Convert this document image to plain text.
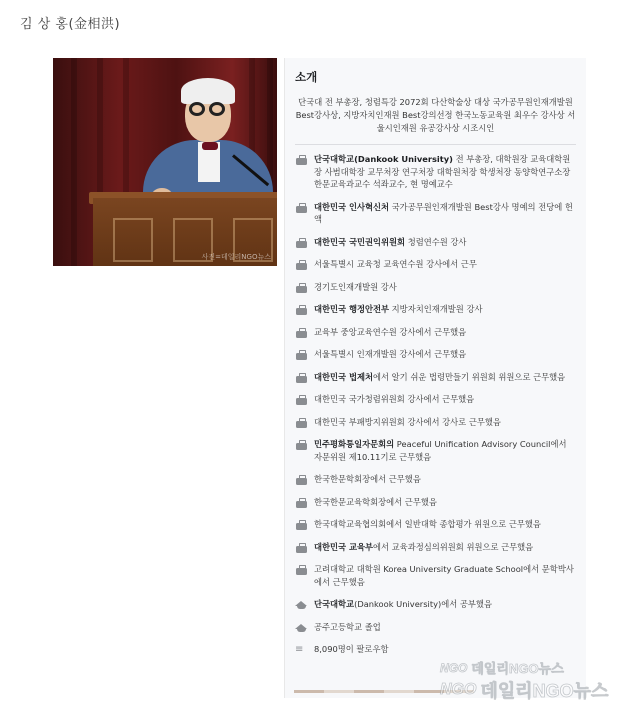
김 상 홍(金相洪)
사진=데일리NGO뉴스
소개
단국대 전 부총장, 청렴특강 2072회 다산학술상 대상 국가공무원인재개발원 Best강사상, 지방자치인재원 Best강의선정 한국노동교육원 최우수 강사상 서울시인재원 유공강사상 시조시인
단국대학교(Dankook University) 전 부총장, 대학원장 교육대학원장 사범대학장 교무처장 연구처장 대학원처장 학생처장 동양학연구소장 한문교육과교수 석좌교수, 현 명예교수
대한민국 인사혁신처 국가공무원인재개발원 Best강사 명예의 전당에 헌액
대한민국 국민권익위원회 청렴연수원 강사
서울특별시 교육청 교육연수원 강사에서 근무
경기도인재개발원 강사
대한민국 행정안전부 지방자치인재개발원 강사
교육부 중앙교육연수원 강사에서 근무했음
서울특별시 인재개발원 강사에서 근무했음
대한민국 법제처에서 알기 쉬운 법령만들기 위원회 위원으로 근무했음
대한민국 국가청렴위원회 강사에서 근무했음
대한민국 부패방지위원회 강사에서 강사로 근무했음
민주평화통일자문회의 Peaceful Unification Advisory Council에서 자문위원 제10.11기로 근무했음
한국한문학회장에서 근무했음
한국한문교육학회장에서 근무했음
한국대학교육협의회에서 일반대학 종합평가 위원으로 근무했음
대한민국 교육부에서 교육과정심의위원회 위원으로 근무했음
고려대학교 대학원 Korea University Graduate School에서 문학박사에서 근무했음
단국대학교(Dankook University)에서 공부했음
공주고등학교 졸업
≡	8,090명이 팔로우함
NGO 데일리NGO뉴스
NGO 데일리NGO뉴스
